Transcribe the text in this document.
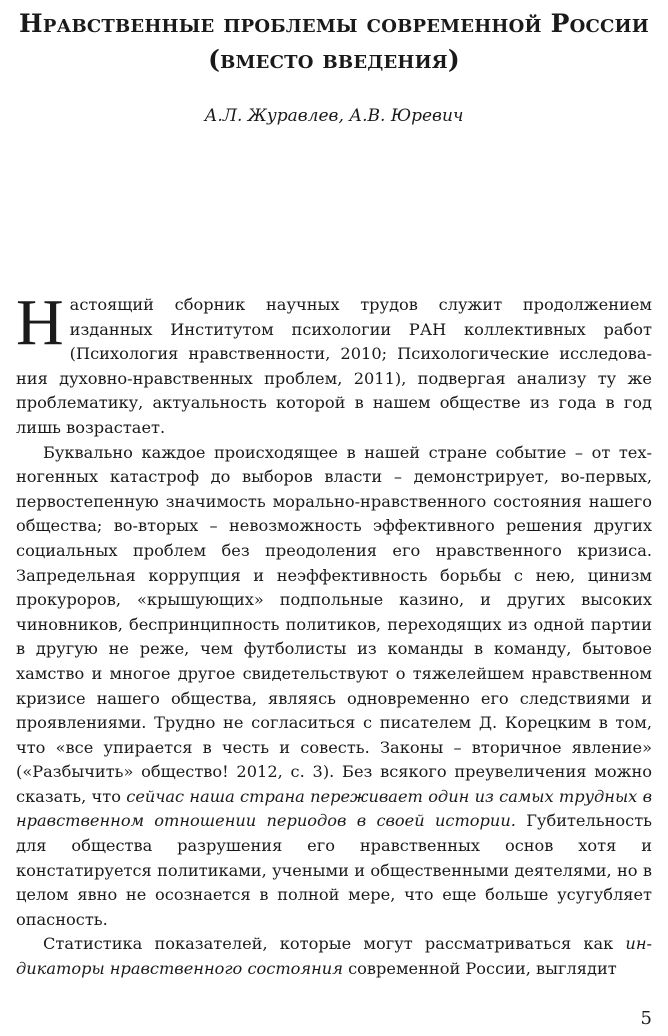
Нравственные проблемы современной России (вместо введения)
А.Л. Журавлев, А.В. Юревич

Настоящий сборник научных трудов служит продолжением изданных Институтом психологии РАН коллективных работ (Психология нравственности, 2010; Психологические исследования духовно-нравственных проблем, 2011), подвергая анализу ту же проблематику, актуальность которой в нашем обществе из года в год лишь возрастает.

Буквально каждое происходящее в нашей стране событие – от техногенных катастроф до выборов власти – демонстрирует, во-первых, первостепенную значимость морально-нравственного состояния нашего общества; во-вторых – невозможность эффективного решения других социальных проблем без преодоления его нравственного кризиса. Запредельная коррупция и неэффективность борьбы с нею, цинизм прокуроров, «крышующих» подпольные казино, и других высоких чиновников, беспринципность политиков, переходящих из одной партии в другую не реже, чем футболисты из команды в команду, бытовое хамство и многое другое свидетельствуют о тяжелейшем нравственном кризисе нашего общества, являясь одновременно его следствиями и проявлениями. Трудно не согласиться с писателем Д. Корецким в том, что «все упирается в честь и совесть. Законы – вторичное явление» («Разбычить» общество! 2012, с. 3). Без всякого преувеличения можно сказать, что сейчас наша страна переживает один из самых трудных в нравственном отношении периодов в своей истории. Губительность для общества разрушения его нравственных основ хотя и констатируется политиками, учеными и общественными деятелями, но в целом явно не осознается в полной мере, что еще больше усугубляет опасность.

Статистика показателей, которые могут рассматриваться как индикаторы нравственного состояния современной России, выглядит

5
